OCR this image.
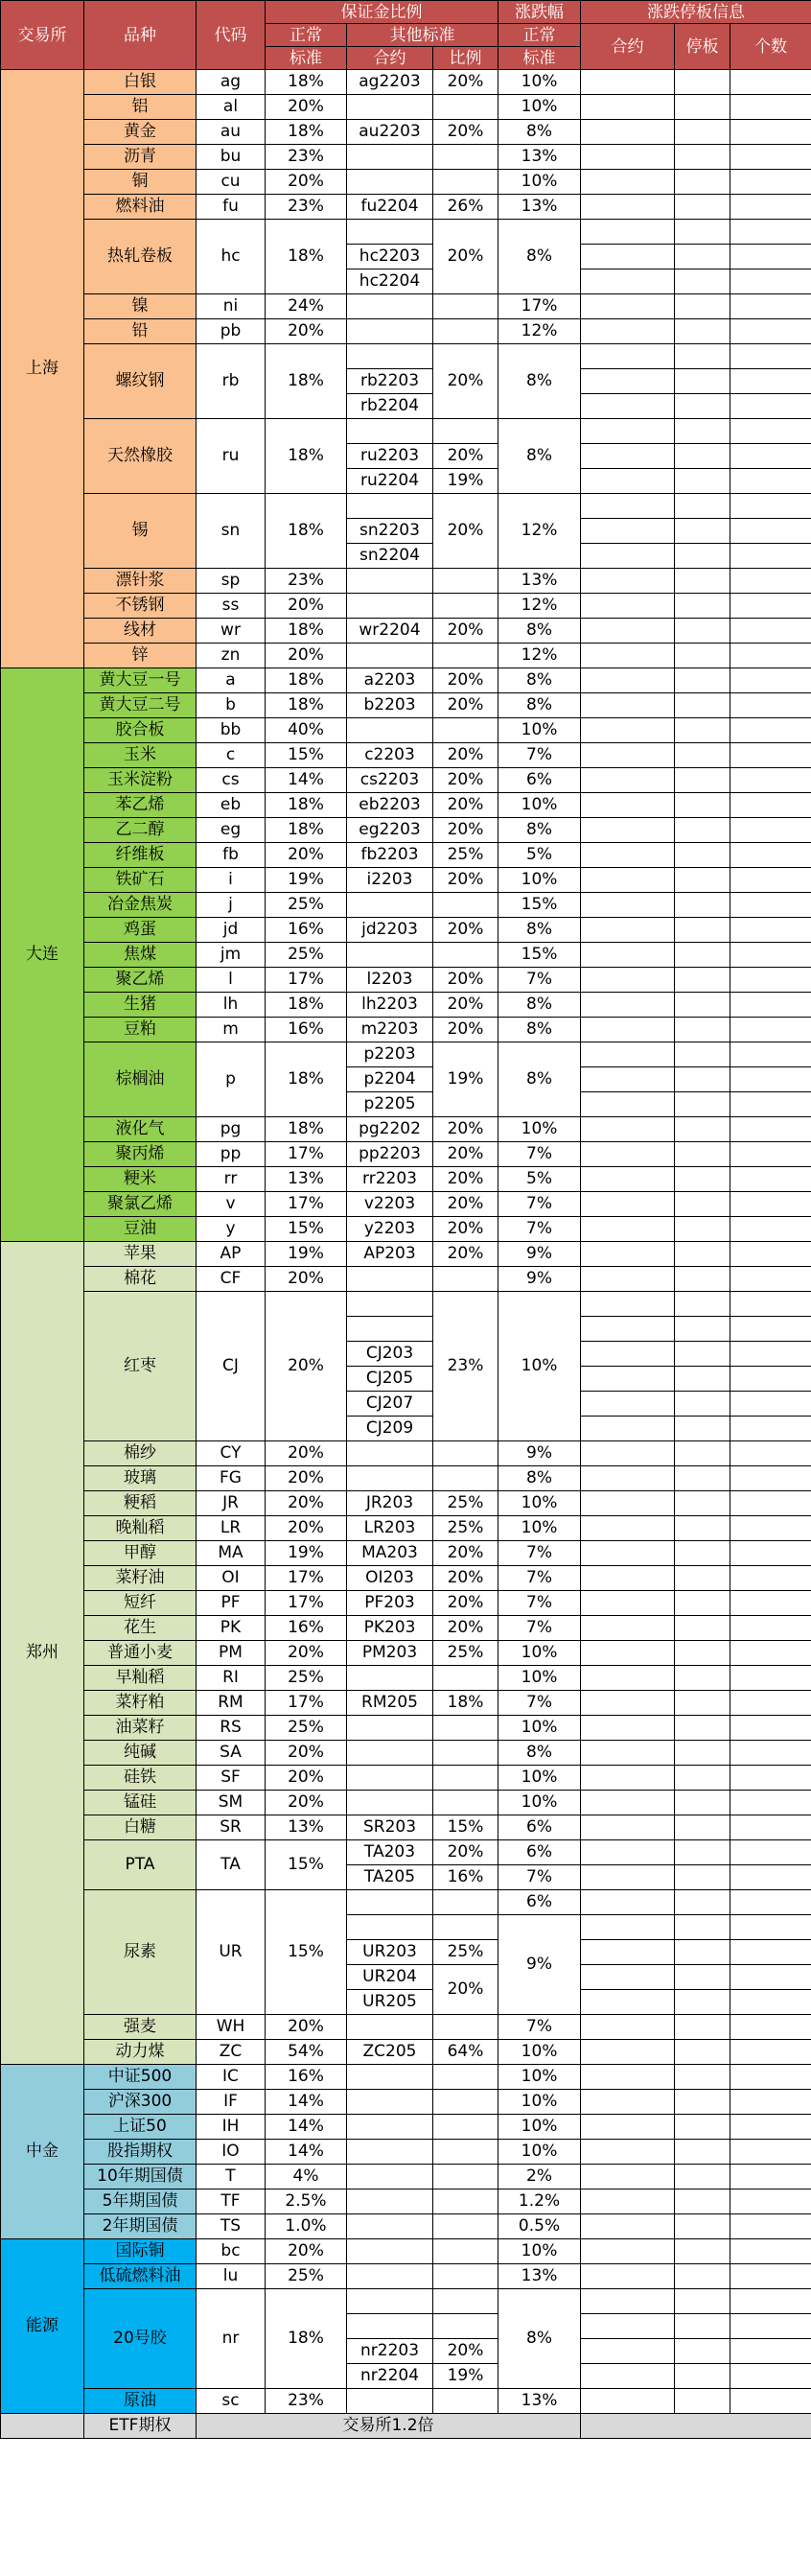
交易所	品种	代码	保证金比例			涨跌幅	涨跌停板信息		
			正常	其他标准		正常	合约	停板	个数
			标准	合约	比例	标准			
上海	白银	ag	18%	ag2203	20%	10%			
	铝	al	20%			10%			
	黄金	au	18%	au2203	20%	8%			
	沥青	bu	23%			13%			
	铜	cu	20%			10%			
	燃料油	fu	23%	fu2204	26%	13%			
	热轧卷板	hc	18%		20%	8%			
				hc2203					
				hc2204					
	镍	ni	24%			17%			
	铅	pb	20%			12%			
	螺纹钢	rb	18%		20%	8%			
				rb2203					
				rb2204					
	天然橡胶	ru	18%			8%			
				ru2203	20%				
				ru2204	19%				
	锡	sn	18%		20%	12%			
				sn2203					
				sn2204					
	漂针浆	sp	23%			13%			
	不锈钢	ss	20%			12%			
	线材	wr	18%	wr2204	20%	8%			
	锌	zn	20%			12%			
大连	黄大豆一号	a	18%	a2203	20%	8%			
	黄大豆二号	b	18%	b2203	20%	8%			
	胶合板	bb	40%			10%			
	玉米	c	15%	c2203	20%	7%			
	玉米淀粉	cs	14%	cs2203	20%	6%			
	苯乙烯	eb	18%	eb2203	20%	10%			
	乙二醇	eg	18%	eg2203	20%	8%			
	纤维板	fb	20%	fb2203	25%	5%			
	铁矿石	i	19%	i2203	20%	10%			
	冶金焦炭	j	25%			15%			
	鸡蛋	jd	16%	jd2203	20%	8%			
	焦煤	jm	25%			15%			
	聚乙烯	l	17%	l2203	20%	7%			
	生猪	lh	18%	lh2203	20%	8%			
	豆粕	m	16%	m2203	20%	8%			
	棕榈油	p	18%	p2203	19%	8%			
				p2204					
				p2205					
	液化气	pg	18%	pg2202	20%	10%			
	聚丙烯	pp	17%	pp2203	20%	7%			
	粳米	rr	13%	rr2203	20%	5%			
	聚氯乙烯	v	17%	v2203	20%	7%			
	豆油	y	15%	y2203	20%	7%			
郑州	苹果	AP	19%	AP203	20%	9%			
	棉花	CF	20%			9%			
	红枣	CJ	20%		23%	10%			

				CJ203					
				CJ205					
				CJ207					
				CJ209					
	棉纱	CY	20%			9%			
	玻璃	FG	20%			8%			
	粳稻	JR	20%	JR203	25%	10%			
	晚籼稻	LR	20%	LR203	25%	10%			
	甲醇	MA	19%	MA203	20%	7%			
	菜籽油	OI	17%	OI203	20%	7%			
	短纤	PF	17%	PF203	20%	7%			
	花生	PK	16%	PK203	20%	7%			
	普通小麦	PM	20%	PM203	25%	10%			
	早籼稻	RI	25%			10%			
	菜籽粕	RM	17%	RM205	18%	7%			
	油菜籽	RS	25%			10%			
	纯碱	SA	20%			8%			
	硅铁	SF	20%			10%			
	锰硅	SM	20%			10%			
	白糖	SR	13%	SR203	15%	6%			
	PTA	TA	15%	TA203	20%	6%			
				TA205	16%	7%			
	尿素	UR	15%			6%			
						9%			
				UR203	25%				
				UR204	20%				
				UR205					
	强麦	WH	20%			7%			
	动力煤	ZC	54%	ZC205	64%	10%			
中金	中证500	IC	16%			10%			
	沪深300	IF	14%			10%			
	上证50	IH	14%			10%			
	股指期权	IO	14%			10%			
	10年期国债	T	4%			2%			
	5年期国债	TF	2.5%			1.2%			
	2年期国债	TS	1.0%			0.5%			
能源	国际铜	bc	20%			10%			
	低硫燃料油	lu	25%			13%			
	20号胶	nr	18%			8%			

				nr2203	20%				
				nr2204	19%				
	原油	sc	23%			13%			
	ETF期权	交易所1.2倍							
